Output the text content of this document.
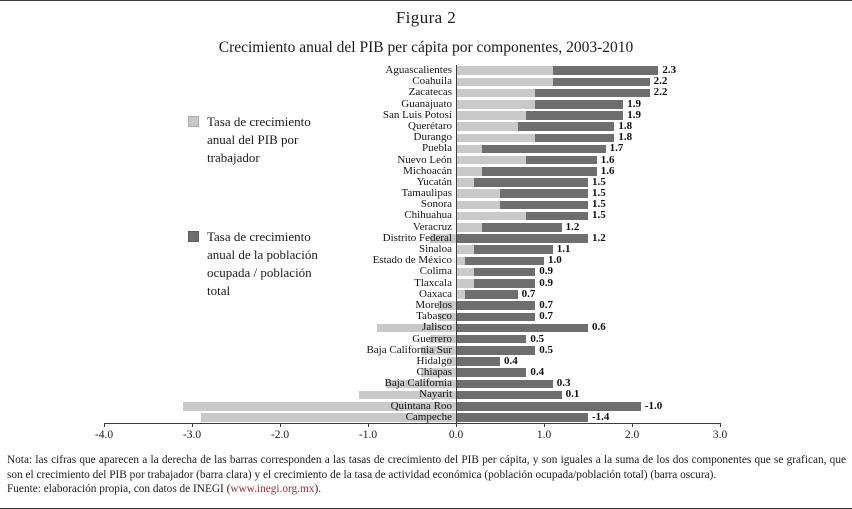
Figura 2
Crecimiento anual del PIB per cápita por componentes, 2003-2010
Tasa de crecimiento anual del PIB por trabajador
Tasa de crecimiento anual de la población ocupada / población total
Aguascalientes	2.3
Coahuila	2.2
Zacatecas	2.2
Guanajuato	1.9
San Luis Potosí	1.9
Querétaro	1.8
Durango	1.8
Puebla	1.7
Nuevo León	1.6
Michoacán	1.6
Yucatán	1.5
Tamaulipas	1.5
Sonora	1.5
Chihuahua	1.5
Veracruz	1.2
Distrito Federal	1.2
Sinaloa	1.1
Estado de México	1.0
Colima	0.9
Tlaxcala	0.9
Oaxaca	0.7
Morelos	0.7
Tabasco	0.7
Jalisco	0.6
Guerrero	0.5
Baja California Sur	0.5
Hidalgo	0.4
Chiapas	0.4
Baja California	0.3
Nayarit	0.1
Quintana Roo	-1.0
Campeche	-1.4
-4.0	-3.0	-2.0	-1.0	0.0	1.0	2.0	3.0
Nota: las cifras que aparecen a la derecha de las barras corresponden a las tasas de crecimiento del PIB per cápita, y son iguales a la suma de los dos componentes que se grafican, que son el crecimiento del PIB por trabajador (barra clara) y el crecimiento de la tasa de actividad económica (población ocupada/población total) (barra oscura).
Fuente: elaboración propia, con datos de INEGI (www.inegi.org.mx).
